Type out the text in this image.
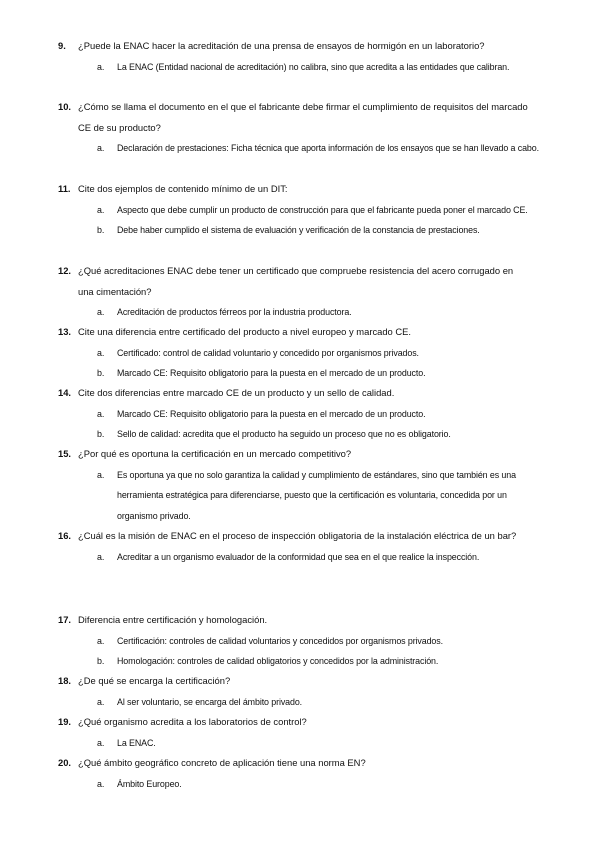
9. ¿Puede la ENAC hacer la acreditación de una prensa de ensayos de hormigón en un laboratorio?
a. La ENAC (Entidad nacional de acreditación) no calibra, sino que acredita a las entidades que calibran.
10. ¿Cómo se llama el documento en el que el fabricante debe firmar el cumplimiento de requisitos del marcado CE de su producto?
a. Declaración de prestaciones: Ficha técnica que aporta información de los ensayos que se han llevado a cabo.
11. Cite dos ejemplos de contenido mínimo de un DIT:
a. Aspecto que debe cumplir un producto de construcción para que el fabricante pueda poner el marcado CE.
b. Debe haber cumplido el sistema de evaluación y verificación de la constancia de prestaciones.
12. ¿Qué acreditaciones ENAC debe tener un certificado que compruebe resistencia del acero corrugado en una cimentación?
a. Acreditación de productos férreos por la industria productora.
13. Cite una diferencia entre certificado del producto a nivel europeo y marcado CE.
a. Certificado: control de calidad voluntario y concedido por organismos privados.
b. Marcado CE: Requisito obligatorio para la puesta en el mercado de un producto.
14. Cite dos diferencias entre marcado CE de un producto y un sello de calidad.
a. Marcado CE: Requisito obligatorio para la puesta en el mercado de un producto.
b. Sello de calidad: acredita que el producto ha seguido un proceso que no es obligatorio.
15. ¿Por qué es oportuna la certificación en un mercado competitivo?
a. Es oportuna ya que no solo garantiza la calidad y cumplimiento de estándares, sino que también es una herramienta estratégica para diferenciarse, puesto que la certificación es voluntaria, concedida por un organismo privado.
16. ¿Cuál es la misión de ENAC en el proceso de inspección obligatoria de la instalación eléctrica de un bar?
a. Acreditar a un organismo evaluador de la conformidad que sea en el que realice la inspección.
17. Diferencia entre certificación y homologación.
a. Certificación: controles de calidad voluntarios y concedidos por organismos privados.
b. Homologación: controles de calidad obligatorios y concedidos por la administración.
18. ¿De qué se encarga la certificación?
a. Al ser voluntario, se encarga del ámbito privado.
19. ¿Qué organismo acredita a los laboratorios de control?
a. La ENAC.
20. ¿Qué ámbito geográfico concreto de aplicación tiene una norma EN?
a. Ámbito Europeo.
